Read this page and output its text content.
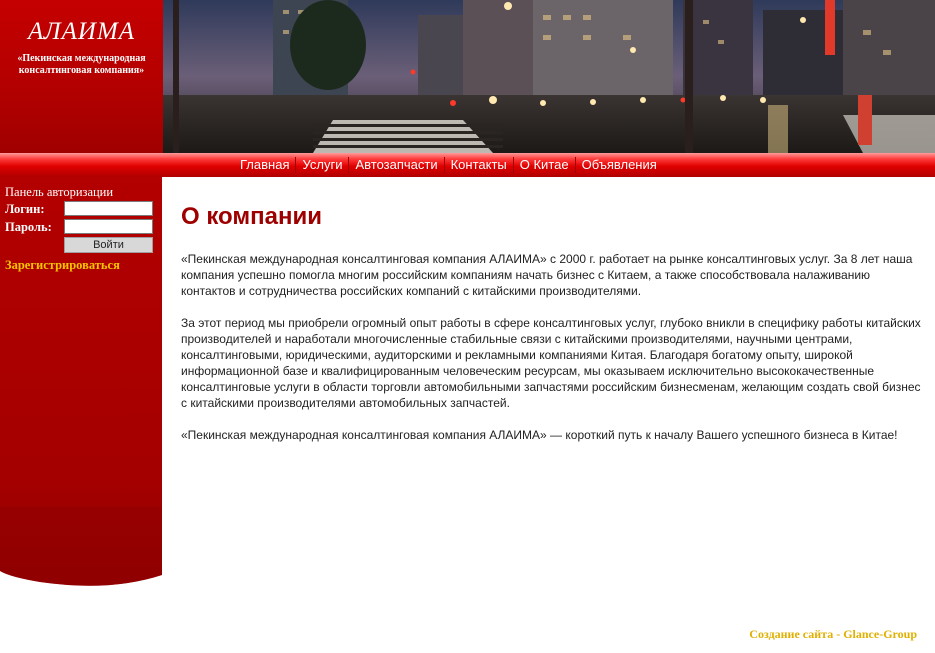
АЛАИМА
«Пекинская международная консалтинговая компания»
Главная	Услуги	Автозапчасти	Контакты	О Китае	Объявления
Панель авторизации
Логин:
Пароль:
Войти
Зарегистрироваться
О компании

«Пекинская международная консалтинговая компания АЛАИМА» с 2000 г. работает на рынке консалтинговых услуг. За 8 лет наша компания успешно помогла многим российским компаниям начать бизнес с Китаем, а также способствовала налаживанию контактов и сотрудничества российских компаний с китайскими производителями.

За этот период мы приобрели огромный опыт работы в сфере консалтинговых услуг, глубоко вникли в специфику работы китайских производителей и наработали многочисленные стабильные связи с китайскими производителями, научными центрами, консалтинговыми, юридическими, аудиторскими и рекламными компаниями Китая. Благодаря богатому опыту, широкой информационной базе и квалифицированным человеческим ресурсам, мы оказываем исключительно высококачественные консалтинговые услуги в области торговли автомобильными запчастями российским бизнесменам, желающим создать свой бизнес с китайскими производителями автомобильных запчастей.

«Пекинская международная консалтинговая компания АЛАИМА» — короткий путь к началу Вашего успешного бизнеса в Китае!

Создание сайта - Glance-Group
